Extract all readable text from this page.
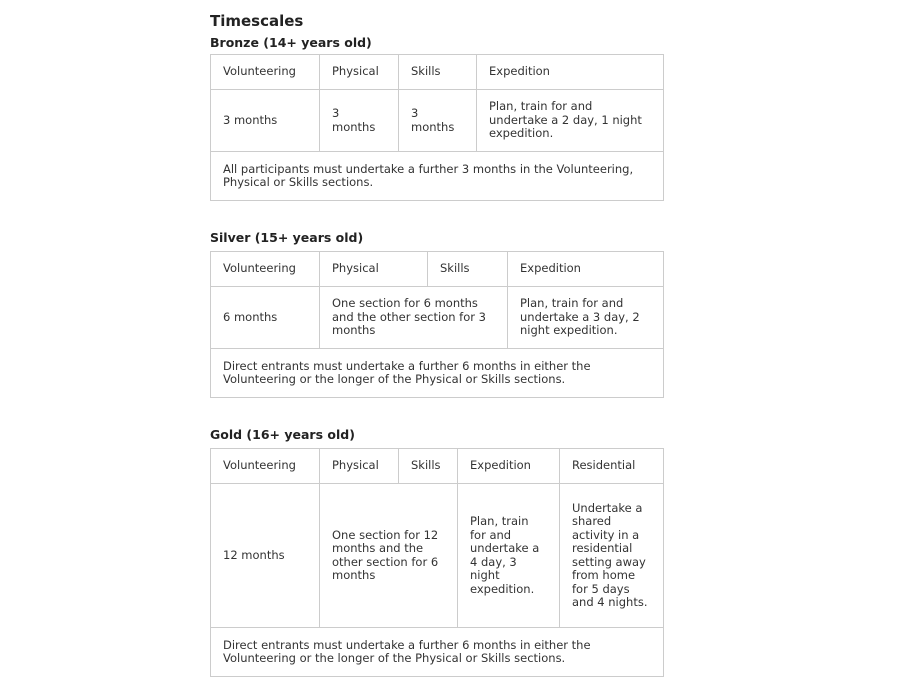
Timescales
Bronze (14+ years old)
Volunteering	Physical	Skills	Expedition
3 months	3 months	3 months	Plan, train for and undertake a 2 day, 1 night expedition.
All participants must undertake a further 3 months in the Volunteering, Physical or Skills sections.			
Silver (15+ years old)
Volunteering	Physical	Skills	Expedition
6 months	One section for 6 months and the other section for 3 months		Plan, train for and undertake a 3 day, 2 night expedition.
Direct entrants must undertake a further 6 months in either the Volunteering or the longer of the Physical or Skills sections.			
Gold (16+ years old)
Volunteering	Physical	Skills	Expedition	Residential
12 months	One section for 12 months and the other section for 6 months		Plan, train for and undertake a 4 day, 3 night expedition.	Undertake a shared activity in a residential setting away from home for 5 days and 4 nights.
Direct entrants must undertake a further 6 months in either the Volunteering or the longer of the Physical or Skills sections.				
